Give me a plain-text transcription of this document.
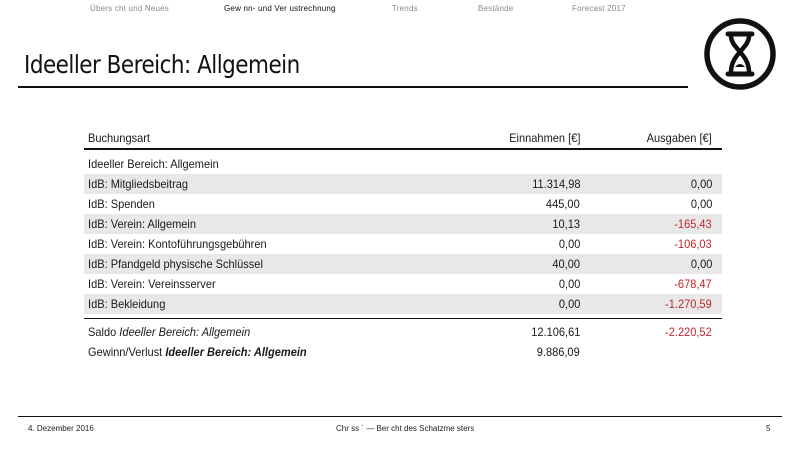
Übers cht und Neues	Gew nn- und Ver ustrechnung	Trends	Bestände	Forecast 2017
Ideeller Bereich: Allgemein
Buchungsart	Einnahmen [€]	Ausgaben [€]
Ideeller Bereich: Allgemein
IdB: Mitgliedsbeitrag	11.314,98	0,00
IdB: Spenden	445,00	0,00
IdB: Verein: Allgemein	10,13	-165,43
IdB: Verein: Kontoführungsgebühren	0,00	-106,03
IdB: Pfandgeld physische Schlüssel	40,00	0,00
IdB: Verein: Vereinsserver	0,00	-678,47
IdB: Bekleidung	0,00	-1.270,59
Saldo Ideeller Bereich: Allgemein	12.106,61	-2.220,52
Gewinn/Verlust Ideeller Bereich: Allgemein	9.886,09
4. Dezember 2016	Chr ss ´ — Ber cht des Schatzme sters	5
